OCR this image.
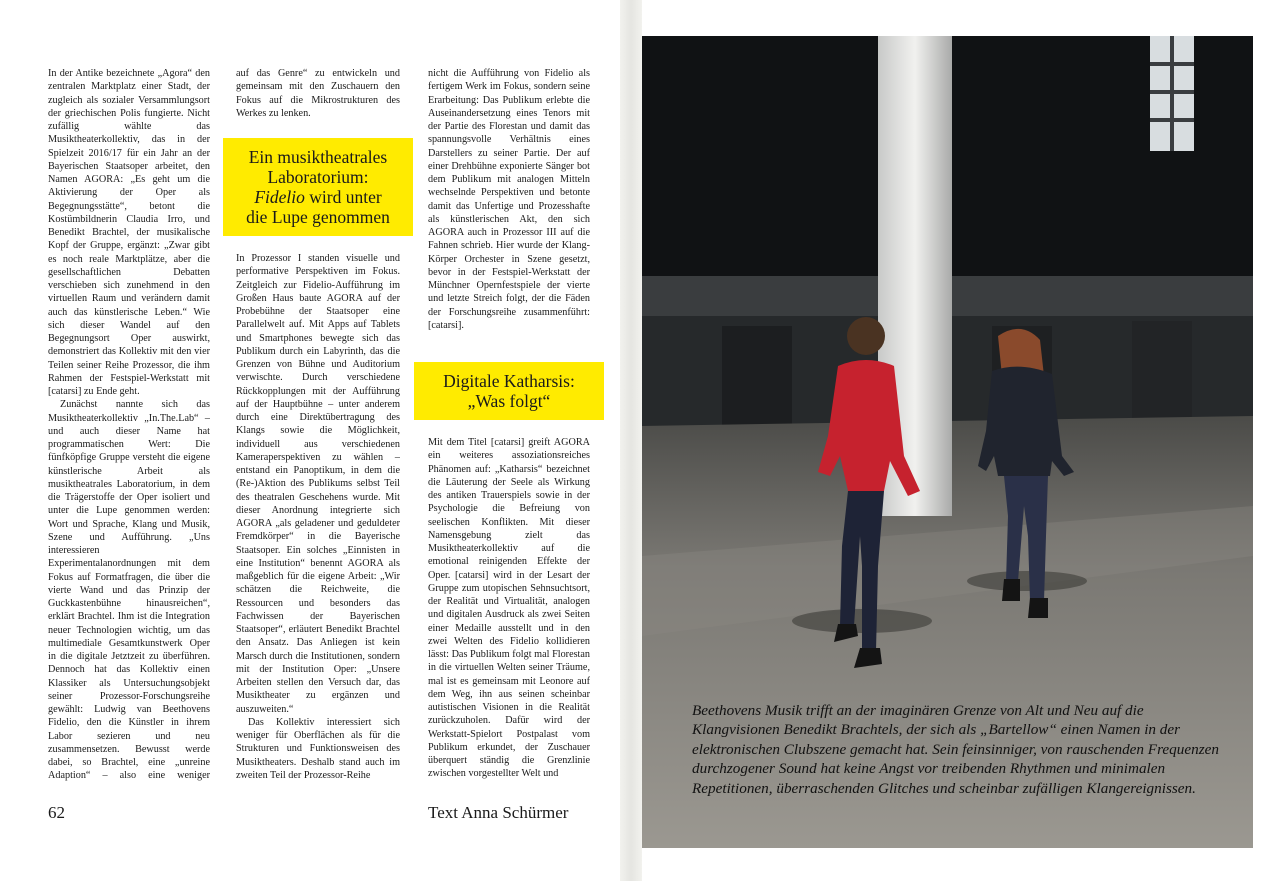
In der Antike bezeichnete „Agora“ den zentralen Marktplatz einer Stadt, der zugleich als sozialer Versammlungsort der griechischen Polis fungierte. Nicht zufällig wählte das Musiktheaterkollektiv, das in der Spielzeit 2016/17 für ein Jahr an der Bayerischen Staatsoper arbeitet, den Namen AGORA: „Es geht um die Aktivierung der Oper als Begegnungsstätte“, betont die Kostümbildnerin Claudia Irro, und Benedikt Brachtel, der musikalische Kopf der Gruppe, ergänzt: „Zwar gibt es noch reale Marktplätze, aber die gesellschaftlichen Debatten verschieben sich zunehmend in den virtuellen Raum und verändern damit auch das künstlerische Leben.“ Wie sich dieser Wandel auf den Begegnungsort Oper auswirkt, demonstriert das Kollektiv mit den vier Teilen seiner Reihe Prozessor, die ihm Rahmen der Festspiel-Werkstatt mit [catarsi] zu Ende geht.

Zunächst nannte sich das Musiktheaterkollektiv „In.The.Lab“ – und auch dieser Name hat programmatischen Wert: Die fünfköpfige Gruppe versteht die eigene künstlerische Arbeit als musiktheatrales Laboratorium, in dem die Trägerstoffe der Oper isoliert und unter die Lupe genommen werden: Wort und Sprache, Klang und Musik, Szene und Aufführung. „Uns interessieren Experimentalanordnungen mit dem Fokus auf Formatfragen, die über die vierte Wand und das Prinzip der Guckkastenbühne hinausreichen“, erklärt Brachtel. Ihm ist die Integration neuer Technologien wichtig, um das multimediale Gesamtkunstwerk Oper in die digitale Jetztzeit zu überführen. Dennoch hat das Kollektiv einen Klassiker als Untersuchungsobjekt seiner Prozessor-Forschungsreihe gewählt: Ludwig van Beethovens Fidelio, den die Künstler in ihrem Labor sezieren und neu zusammensetzen. Bewusst werde dabei, so Brachtel, eine „unreine Adaption“ – also eine weniger

auf das Genre“ zu entwickeln und gemeinsam mit den Zuschauern den Fokus auf die Mikrostrukturen des Werkes zu lenken.

Ein musiktheatrales
Laboratorium:
Fidelio wird unter
die Lupe genommen

In Prozessor I standen visuelle und performative Perspektiven im Fokus. Zeitgleich zur Fidelio-Aufführung im Großen Haus baute AGORA auf der Probebühne der Staatsoper eine Parallelwelt auf. Mit Apps auf Tablets und Smartphones bewegte sich das Publikum durch ein Labyrinth, das die Grenzen von Bühne und Auditorium verwischte. Durch verschiedene Rückkopplungen mit der Aufführung auf der Hauptbühne – unter anderem durch eine Direktübertragung des Klangs sowie die Möglichkeit, individuell aus verschiedenen Kameraperspektiven zu wählen – entstand ein Panoptikum, in dem die (Re-)Aktion des Publikums selbst Teil des theatralen Geschehens wurde. Mit dieser Anordnung integrierte sich AGORA „als geladener und geduldeter Fremdkörper“ in die Bayerische Staatsoper. Ein solches „Einnisten in eine Institution“ benennt AGORA als maßgeblich für die eigene Arbeit: „Wir schätzen die Reichweite, die Ressourcen und besonders das Fachwissen der Bayerischen Staatsoper“, erläutert Benedikt Brachtel den Ansatz. Das Anliegen ist kein Marsch durch die Institutionen, sondern mit der Institution Oper: „Unsere Arbeiten stellen den Versuch dar, das Musiktheater zu ergänzen und auszuweiten.“

Das Kollektiv interessiert sich weniger für Oberflächen als für die Strukturen und Funktionsweisen des Musiktheaters. Deshalb stand auch im zweiten Teil der Prozessor-Reihe

nicht die Aufführung von Fidelio als fertigem Werk im Fokus, sondern seine Erarbeitung: Das Publikum erlebte die Auseinandersetzung eines Tenors mit der Partie des Florestan und damit das spannungsvolle Verhältnis eines Darstellers zu seiner Partie. Der auf einer Drehbühne exponierte Sänger bot dem Publikum mit analogen Mitteln wechselnde Perspektiven und betonte damit das Unfertige und Prozesshafte als künstlerischen Akt, den sich AGORA auch in Prozessor III auf die Fahnen schrieb. Hier wurde der Klang-Körper Orchester in Szene gesetzt, bevor in der Festspiel-Werkstatt der Münchner Opernfestspiele der vierte und letzte Streich folgt, der die Fäden der Forschungsreihe zusammenführt: [catarsi].

Digitale Katharsis:
„Was folgt“

Mit dem Titel [catarsi] greift AGORA ein weiteres assoziationsreiches Phänomen auf: „Katharsis“ bezeichnet die Läuterung der Seele als Wirkung des antiken Trauerspiels sowie in der Psychologie die Befreiung von seelischen Konflikten. Mit dieser Namensgebung zielt das Musiktheaterkollektiv auf die emotional reinigenden Effekte der Oper. [catarsi] wird in der Lesart der Gruppe zum utopischen Sehnsuchtsort, der Realität und Virtualität, analogen und digitalen Ausdruck als zwei Seiten einer Medaille ausstellt und in den zwei Welten des Fidelio kollidieren lässt: Das Publikum folgt mal Florestan in die virtuellen Welten seiner Träume, mal ist es gemeinsam mit Leonore auf dem Weg, ihn aus seinen scheinbar autistischen Visionen in die Realität zurückzuholen. Dafür wird der Werkstatt-Spielort Postpalast vom Publikum erkundet, der Zuschauer überquert ständig die Grenzlinie zwischen vorgestellter Welt und

62	Text Anna Schürmer
Beethovens Musik trifft an der imaginären Grenze von Alt und Neu auf die Klangvisionen Benedikt Brachtels, der sich als „Bartellow“ einen Namen in der elektronischen Clubszene gemacht hat. Sein feinsinniger, von rauschenden Frequenzen durchzogener Sound hat keine Angst vor treibenden Rhythmen und minimalen Repetitionen, überraschenden Glitches und scheinbar zufälligen Klangereignissen.
